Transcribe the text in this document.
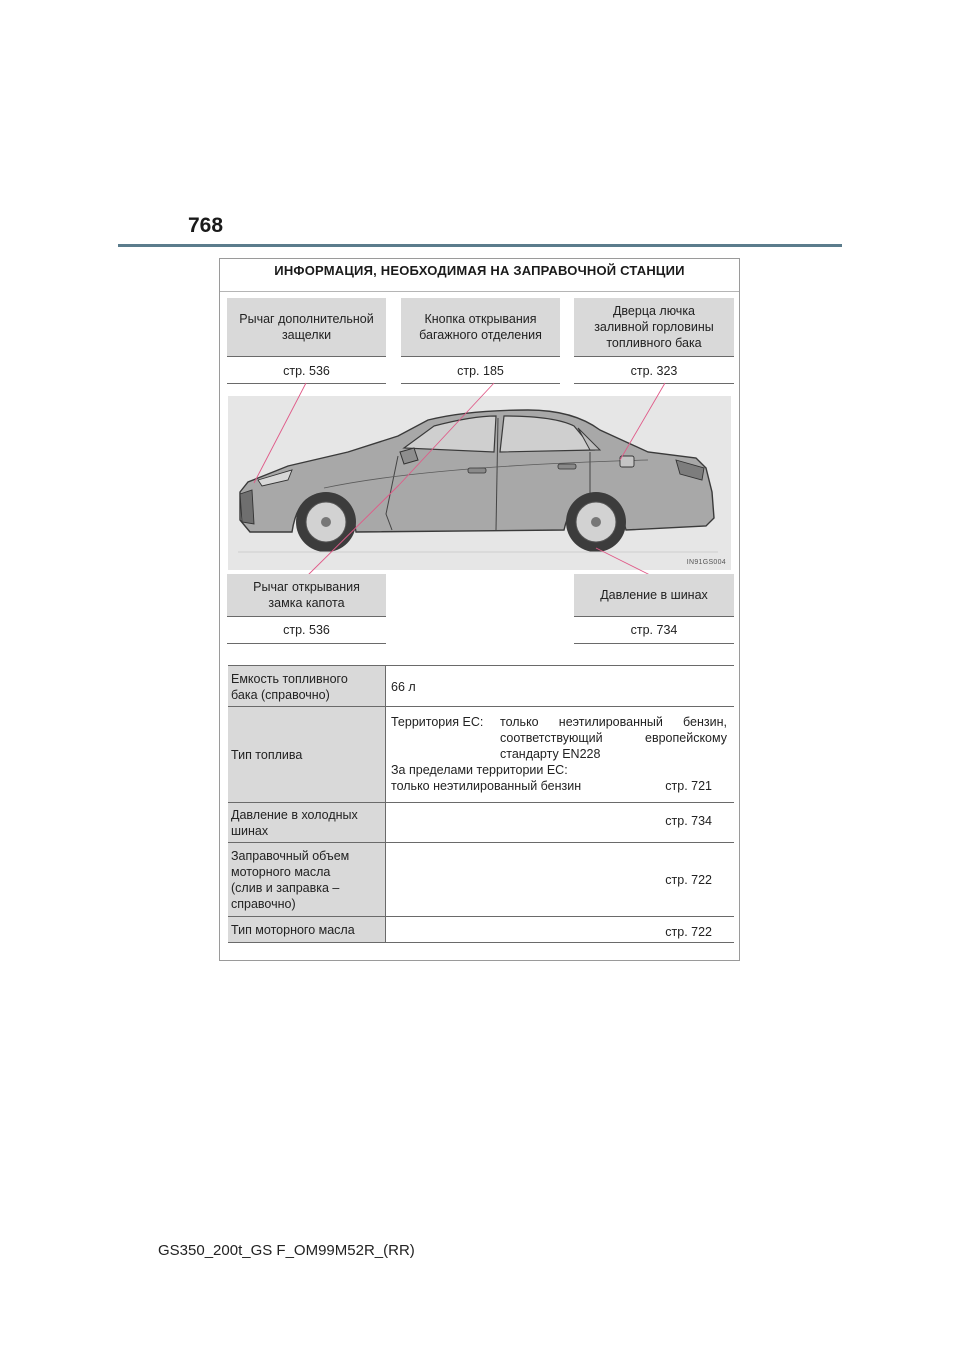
768
ИНФОРМАЦИЯ, НЕОБХОДИМАЯ НА ЗАПРАВОЧНОЙ СТАНЦИИ
Рычаг дополнительной
защелки
Кнопка открывания
багажного отделения
Дверца лючка
заливной горловины
топливного бака
стр. 536	стр. 185	стр. 323
IN91GS004
Рычаг открывания
замка капота
Давление в шинах
стр. 536	стр. 734
Емкость топливного
бака (справочно)
66 л
Тип топлива
Территория ЕС:	только неэтилированный бензин,
соответствующий европейскому
стандарту EN228
За пределами территории ЕС:
только неэтилированный бензин	стр. 721
Давление в холодных
шинах
стр. 734
Заправочный объем
моторного масла
(слив и заправка –
справочно)
стр. 722
Тип моторного масла	стр. 722
GS350_200t_GS F_OM99M52R_(RR)
